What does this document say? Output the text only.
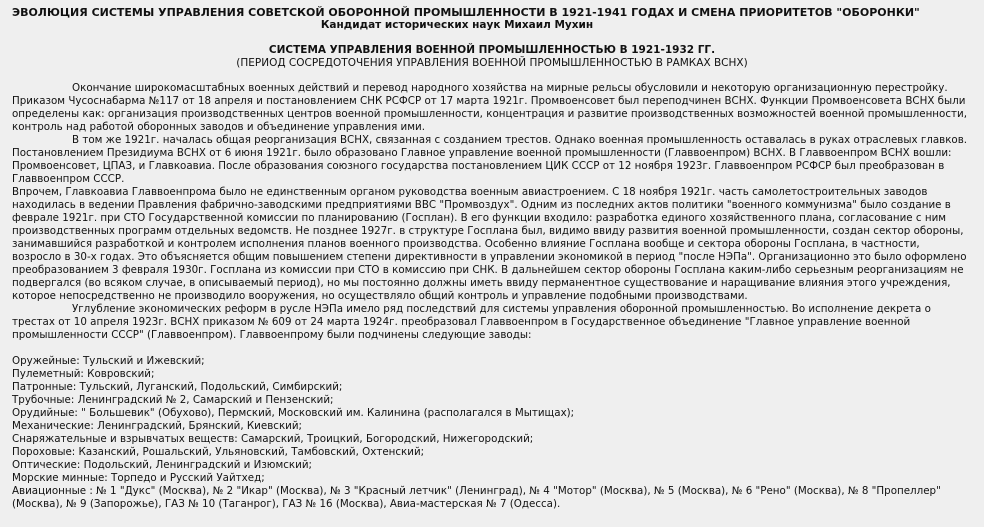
ЭВОЛЮЦИЯ СИСТЕМЫ УПРАВЛЕНИЯ СОВЕТСКОЙ ОБОРОННОЙ ПРОМЫШЛЕННОСТИ В 1921-1941 ГОДАХ И СМЕНА ПРИОРИТЕТОВ "ОБОРОНКИ"

Кандидат исторических наук Михаил Мухин

СИСТЕМА УПРАВЛЕНИЯ ВОЕННОЙ ПРОМЫШЛЕННОСТЬЮ В 1921-1932 ГГ.

(ПЕРИОД СОСРЕДОТОЧЕНИЯ УПРАВЛЕНИЯ ВОЕННОЙ ПРОМЫШЛЕННОСТЬЮ В РАМКАХ ВСНХ)

Окончание широкомасштабных военных действий и перевод народного хозяйства на мирные рельсы обусловили и некоторую организационную перестройку. Приказом Чусоснабарма №117 от 18 апреля и постановлением СНК РСФСР от 17 марта 1921г. Промвоенсовет был переподчинен ВСНХ. Функции Промвоенсовета ВСНХ были определены как: организация производственных центров военной промышленности, концентрация и развитие производственных возможностей военной промышленности, контроль над работой оборонных заводов и объединение управления ими.

В том же 1921г. началась общая реорганизация ВСНХ, связанная с созданием трестов. Однако военная промышленность оставалась в руках отраслевых главков. Постановлением Президиума ВСНХ от 6 июня 1921г. было образовано Главное управление военной промышленности (Главвоенпром) ВСНХ. В Главвоенпром ВСНХ вошли: Промвоенсовет, ЦПАЗ, и Главкоавиа. После образования союзного государства постановлением ЦИК СССР от 12 ноября 1923г. Главвоенпром РСФСР был преобразован в Главвоенпром СССР.

Впрочем, Главкоавиа Главвоенпрома было не единственным органом руководства военным авиастроением. С 18 ноября 1921г. часть самолетостроительных заводов находилась в ведении Правления фабрично-заводскими предприятиями ВВС "Промвоздух". Одним из последних актов политики "военного коммунизма" было создание в феврале 1921г. при СТО Государственной комиссии по планированию (Госплан). В его функции входило: разработка единого хозяйственного плана, согласование с ним производственных программ отдельных ведомств. Не позднее 1927г. в структуре Госплана был, видимо ввиду развития военной промышленности, создан сектор обороны, занимавшийся разработкой и контролем исполнения планов военного производства. Особенно влияние Госплана вообще и сектора обороны Госплана, в частности, возросло в 30-х годах. Это объясняется общим повышением степени директивности в управлении экономикой в период "после НЭПа". Организационно это было оформлено преобразованием 3 февраля 1930г. Госплана из комиссии при СТО в комиссию при СНК. В дальнейшем сектор обороны Госплана каким-либо серьезным реорганизациям не подвергался (во всяком случае, в описываемый период), но мы постоянно должны иметь ввиду перманентное существование и наращивание влияния этого учреждения, которое непосредственно не производило вооружения, но осуществляло общий контроль и управление подобными производствами.

Углубление экономических реформ в русле НЭПа имело ряд последствий для системы управления оборонной промышленностью. Во исполнение декрета о трестах от 10 апреля 1923г. ВСНХ приказом № 609 от 24 марта 1924г. преобразовал Главвоенпром в Государственное объединение "Главное управление военной промышленности СССР" (Главвоенпром). Главвоенпрому были подчинены следующие заводы:

Оружейные: Тульский и Ижевский;
Пулеметный: Ковровский;
Патронные: Тульский, Луганский, Подольский, Симбирский;
Трубочные: Ленинградский № 2, Самарский и Пензенский;
Орудийные: " Большевик" (Обухово), Пермский, Московский им. Калинина (располагался в Мытищах);
Механические: Ленинградский, Брянский, Киевский;
Снаряжательные и взрывчатых веществ: Самарский, Троицкий, Богородский, Нижегородский;
Пороховые: Казанский, Рошальский, Ульяновский, Тамбовский, Охтенский;
Оптические: Подольский, Ленинградский и Изюмский;
Морские минные: Торпедо и Русский Уайтхед;
Авиационные : № 1 "Дукс" (Москва), № 2 "Икар" (Москва), № 3 "Красный летчик" (Ленинград), № 4 "Мотор" (Москва), № 5 (Москва), № 6 "Рено" (Москва), № 8 "Пропеллер" (Москва), № 9 (Запорожье), ГАЗ № 10 (Таганрог), ГАЗ № 16 (Москва), Авиа-мастерская № 7 (Одесса).
